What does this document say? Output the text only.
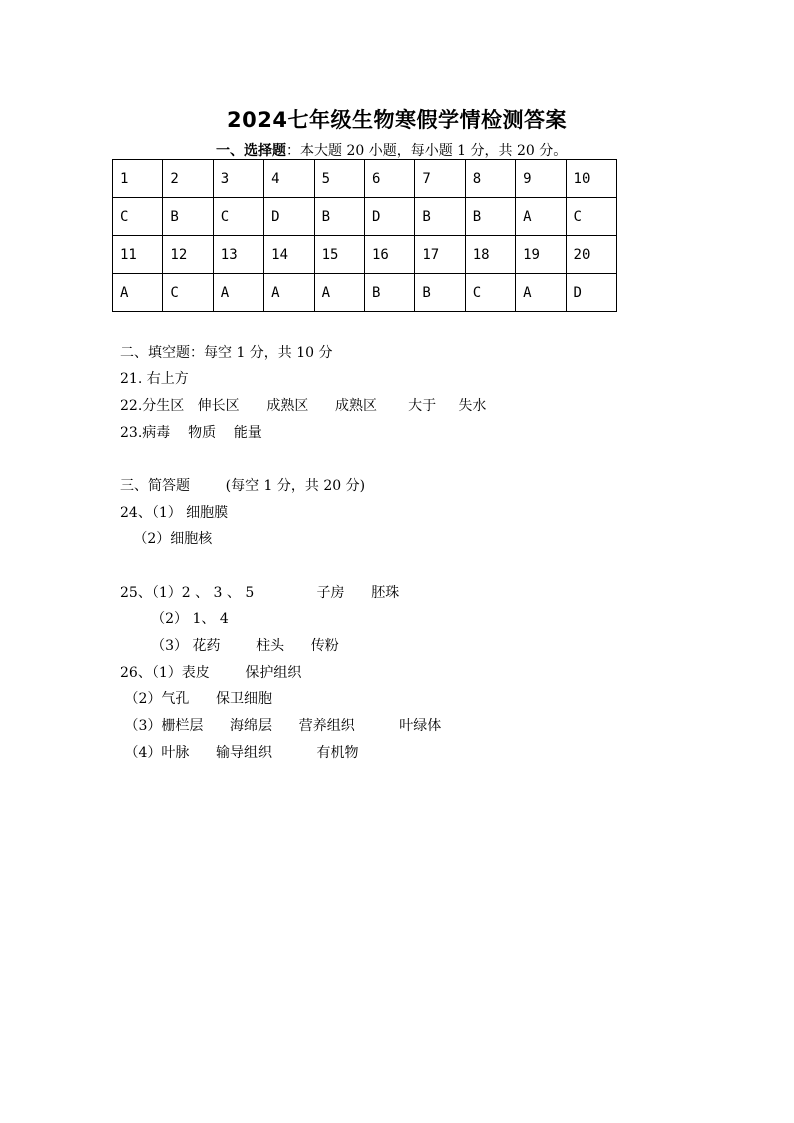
2024七年级生物寒假学情检测答案
一、选择题：本大题 20 小题，每小题 1 分，共 20 分。
1	2	3	4	5	6	7	8	9	10
C	B	C	D	B	D	B	B	A	C
11	12	13	14	15	16	17	18	19	20
A	C	A	A	A	B	B	C	A	D
二、填空题：每空 1 分，共 10 分
21. 右上方
22.分生区   伸长区      成熟区      成熟区       大于     失水
23.病毒    物质    能量
三、简答题        (每空 1 分，共 20 分)
24、（1） 细胞膜
（2）细胞核
25、（1）2 、 3 、 5              子房      胚珠
（2） 1、 4
（3） 花药        柱头      传粉
26、（1）表皮        保护组织
（2）气孔      保卫细胞
（3）栅栏层      海绵层      营养组织          叶绿体
（4）叶脉      输导组织          有机物
